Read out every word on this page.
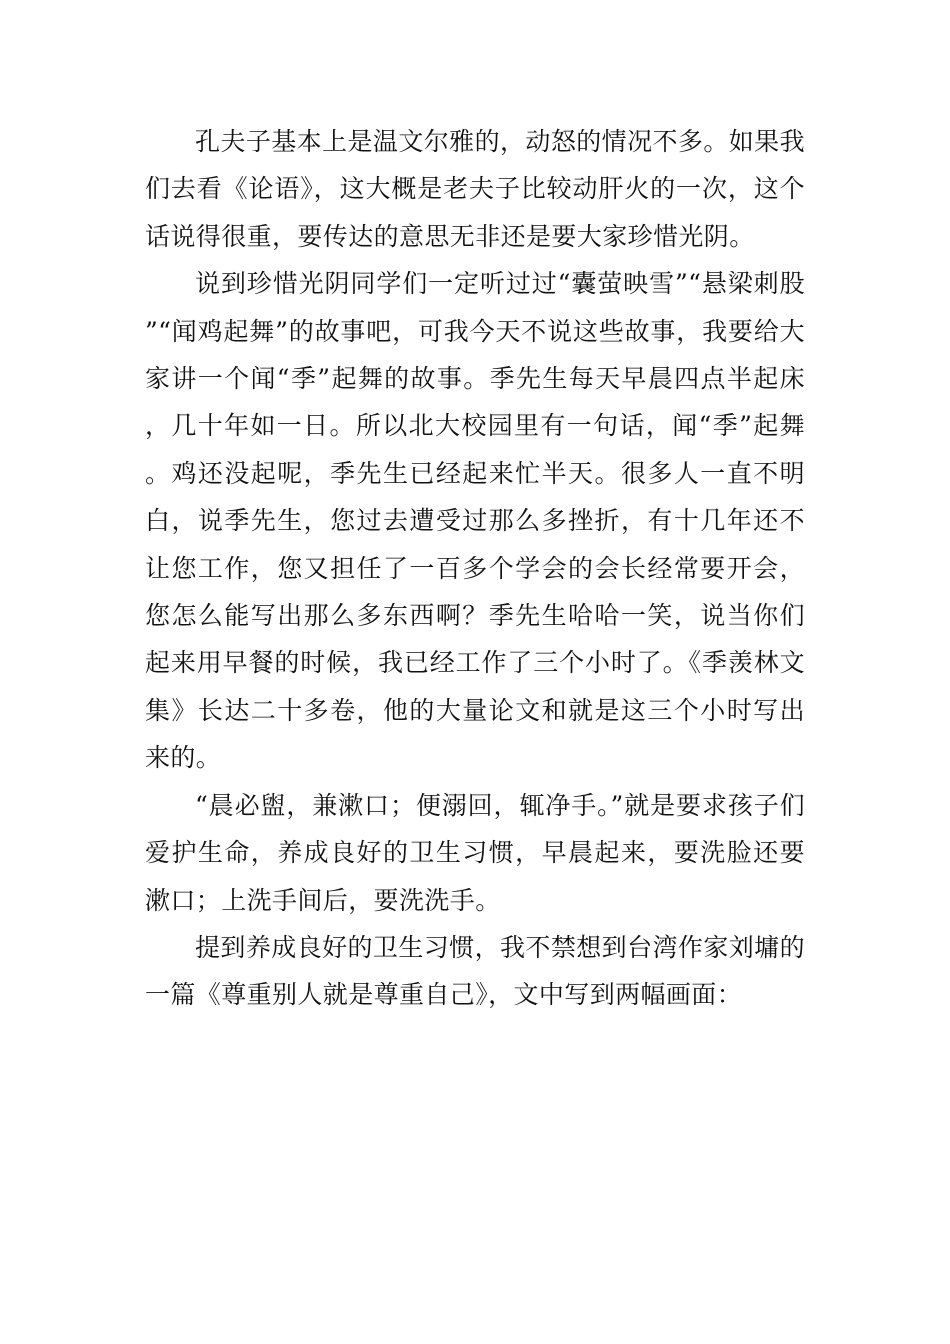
孔夫子基本上是温文尔雅的，动怒的情况不多。如果我们去看《论语》，这大概是老夫子比较动肝火的一次，这个话说得很重，要传达的意思无非还是要大家珍惜光阴。

说到珍惜光阴同学们一定听过过“囊萤映雪”“悬梁刺股”“闻鸡起舞”的故事吧，可我今天不说这些故事，我要给大家讲一个闻“季”起舞的故事。季先生每天早晨四点半起床，几十年如一日。所以北大校园里有一句话，闻“季”起舞。鸡还没起呢，季先生已经起来忙半天。很多人一直不明白，说季先生，您过去遭受过那么多挫折，有十几年还不让您工作，您又担任了一百多个学会的会长经常要开会，您怎么能写出那么多东西啊？季先生哈哈一笑，说当你们起来用早餐的时候，我已经工作了三个小时了。《季羡林文集》长达二十多卷，他的大量论文和就是这三个小时写出来的。

“晨必盥，兼漱口；便溺回，辄净手。”就是要求孩子们爱护生命，养成良好的卫生习惯，早晨起来，要洗脸还要漱口；上洗手间后，要洗洗手。

提到养成良好的卫生习惯，我不禁想到台湾作家刘墉的一篇《尊重别人就是尊重自己》，文中写到两幅画面：
